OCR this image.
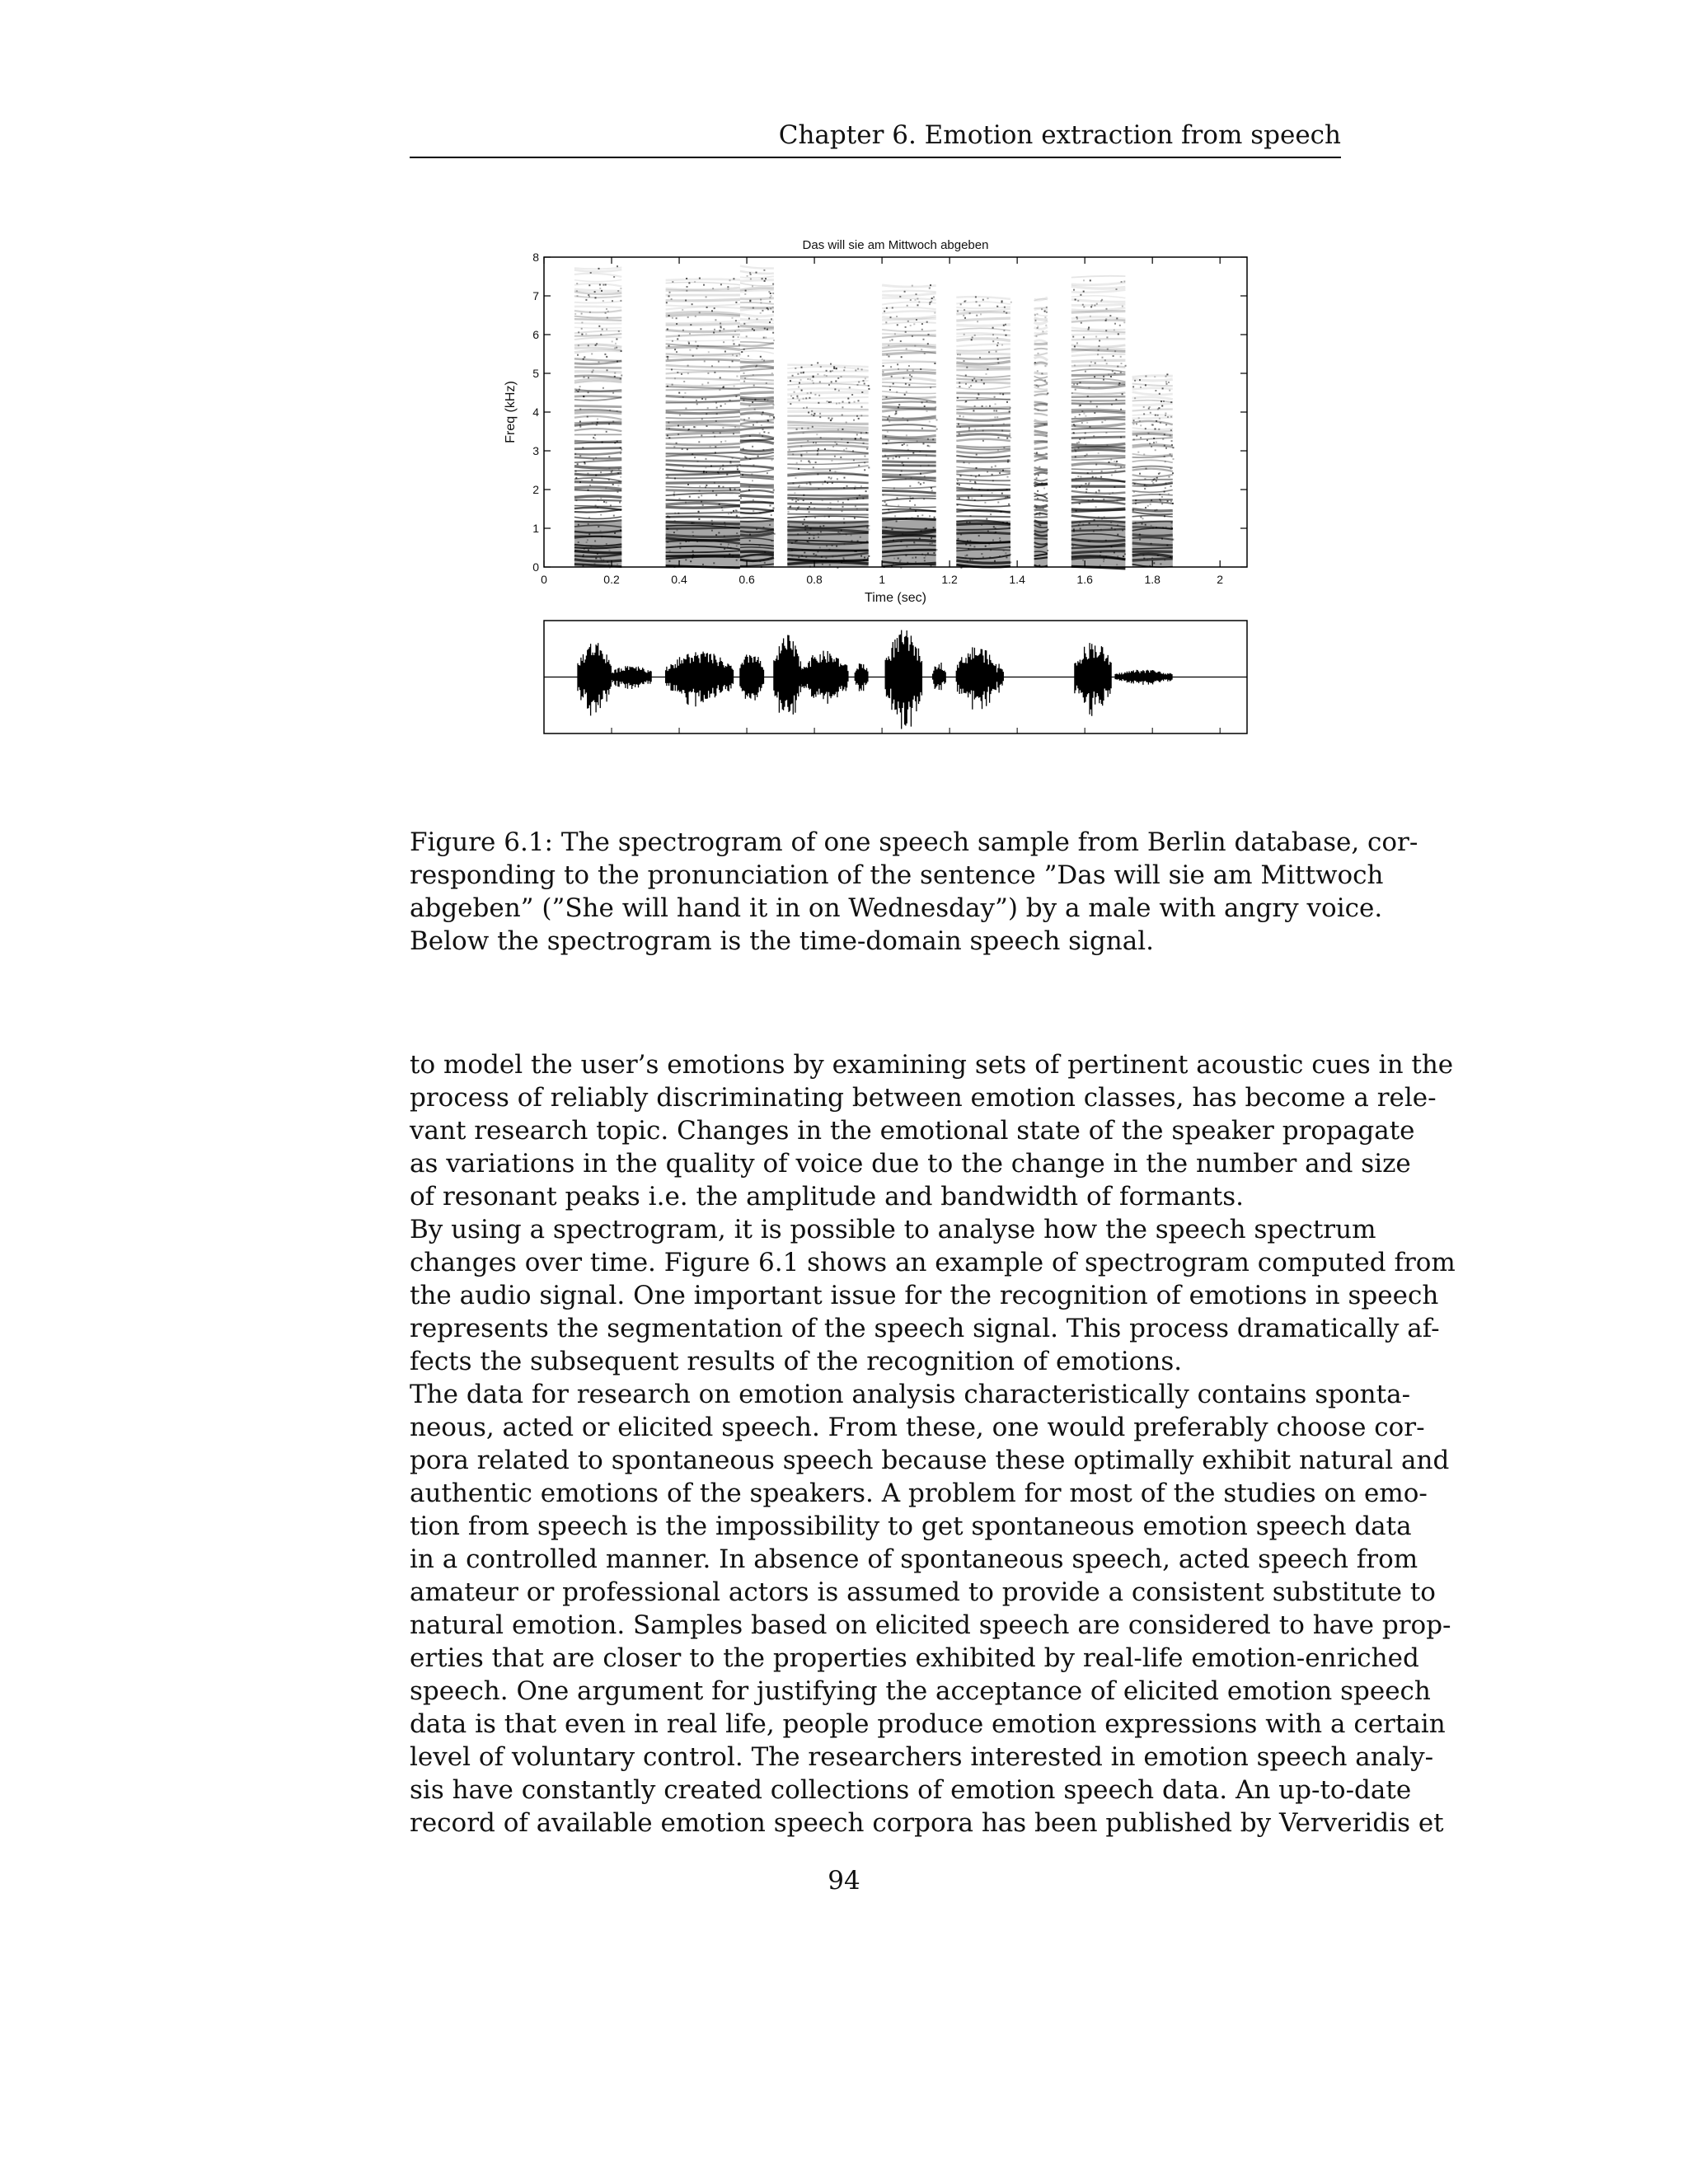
Chapter 6. Emotion extraction from speech
Das will sie am Mittwoch abgeben
0	0.2	0.4	0.6	0.8	1	1.2	1.4	1.6	1.8	2
0
1
2
3
4
5
6
7
8
Time (sec)
Freq (kHz)
Figure 6.1: The spectrogram of one speech sample from Berlin database, cor-
responding to the pronunciation of the sentence ”Das will sie am Mittwoch
abgeben” (”She will hand it in on Wednesday”) by a male with angry voice.
Below the spectrogram is the time-domain speech signal.
to model the user’s emotions by examining sets of pertinent acoustic cues in the
process of reliably discriminating between emotion classes, has become a rele-
vant research topic. Changes in the emotional state of the speaker propagate
as variations in the quality of voice due to the change in the number and size
of resonant peaks i.e. the amplitude and bandwidth of formants.
By using a spectrogram, it is possible to analyse how the speech spectrum
changes over time. Figure 6.1 shows an example of spectrogram computed from
the audio signal. One important issue for the recognition of emotions in speech
represents the segmentation of the speech signal. This process dramatically af-
fects the subsequent results of the recognition of emotions.
The data for research on emotion analysis characteristically contains sponta-
neous, acted or elicited speech. From these, one would preferably choose cor-
pora related to spontaneous speech because these optimally exhibit natural and
authentic emotions of the speakers. A problem for most of the studies on emo-
tion from speech is the impossibility to get spontaneous emotion speech data
in a controlled manner. In absence of spontaneous speech, acted speech from
amateur or professional actors is assumed to provide a consistent substitute to
natural emotion. Samples based on elicited speech are considered to have prop-
erties that are closer to the properties exhibited by real-life emotion-enriched
speech. One argument for justifying the acceptance of elicited emotion speech
data is that even in real life, people produce emotion expressions with a certain
level of voluntary control. The researchers interested in emotion speech analy-
sis have constantly created collections of emotion speech data. An up-to-date
record of available emotion speech corpora has been published by Ververidis et
94
